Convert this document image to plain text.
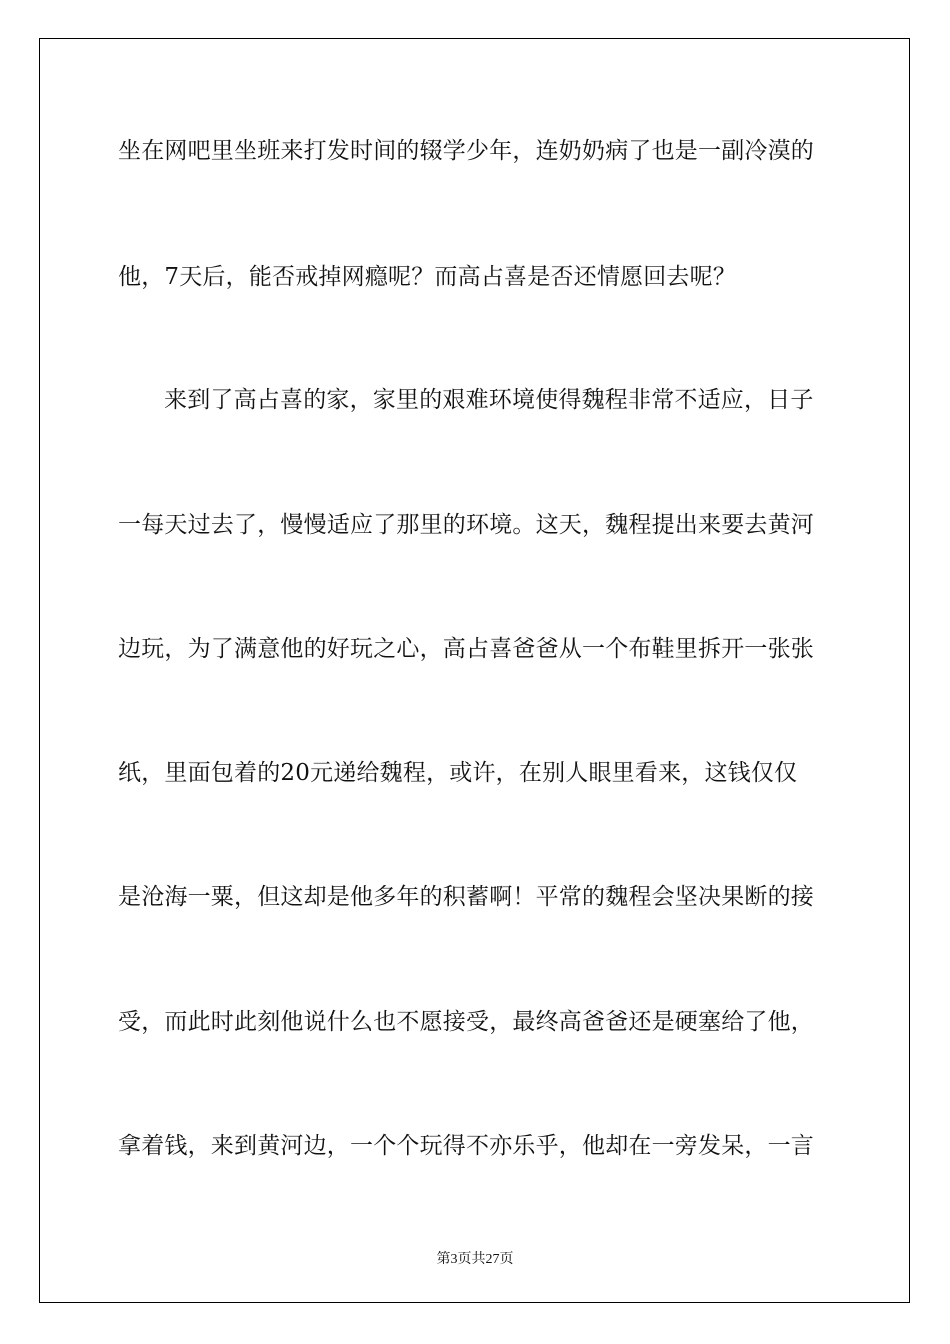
坐在网吧里坐班来打发时间的辍学少年，连奶奶病了也是一副冷漠的
他，7天后，能否戒掉网瘾呢？而高占喜是否还情愿回去呢？
来到了高占喜的家，家里的艰难环境使得魏程非常不适应，日子
一每天过去了，慢慢适应了那里的环境。这天，魏程提出来要去黄河
边玩，为了满意他的好玩之心，高占喜爸爸从一个布鞋里拆开一张张
纸，里面包着的20元递给魏程，或许，在别人眼里看来，这钱仅仅
是沧海一粟，但这却是他多年的积蓄啊！平常的魏程会坚决果断的接
受，而此时此刻他说什么也不愿接受，最终高爸爸还是硬塞给了他，
拿着钱，来到黄河边，一个个玩得不亦乐乎，他却在一旁发呆，一言
第3页共27页
